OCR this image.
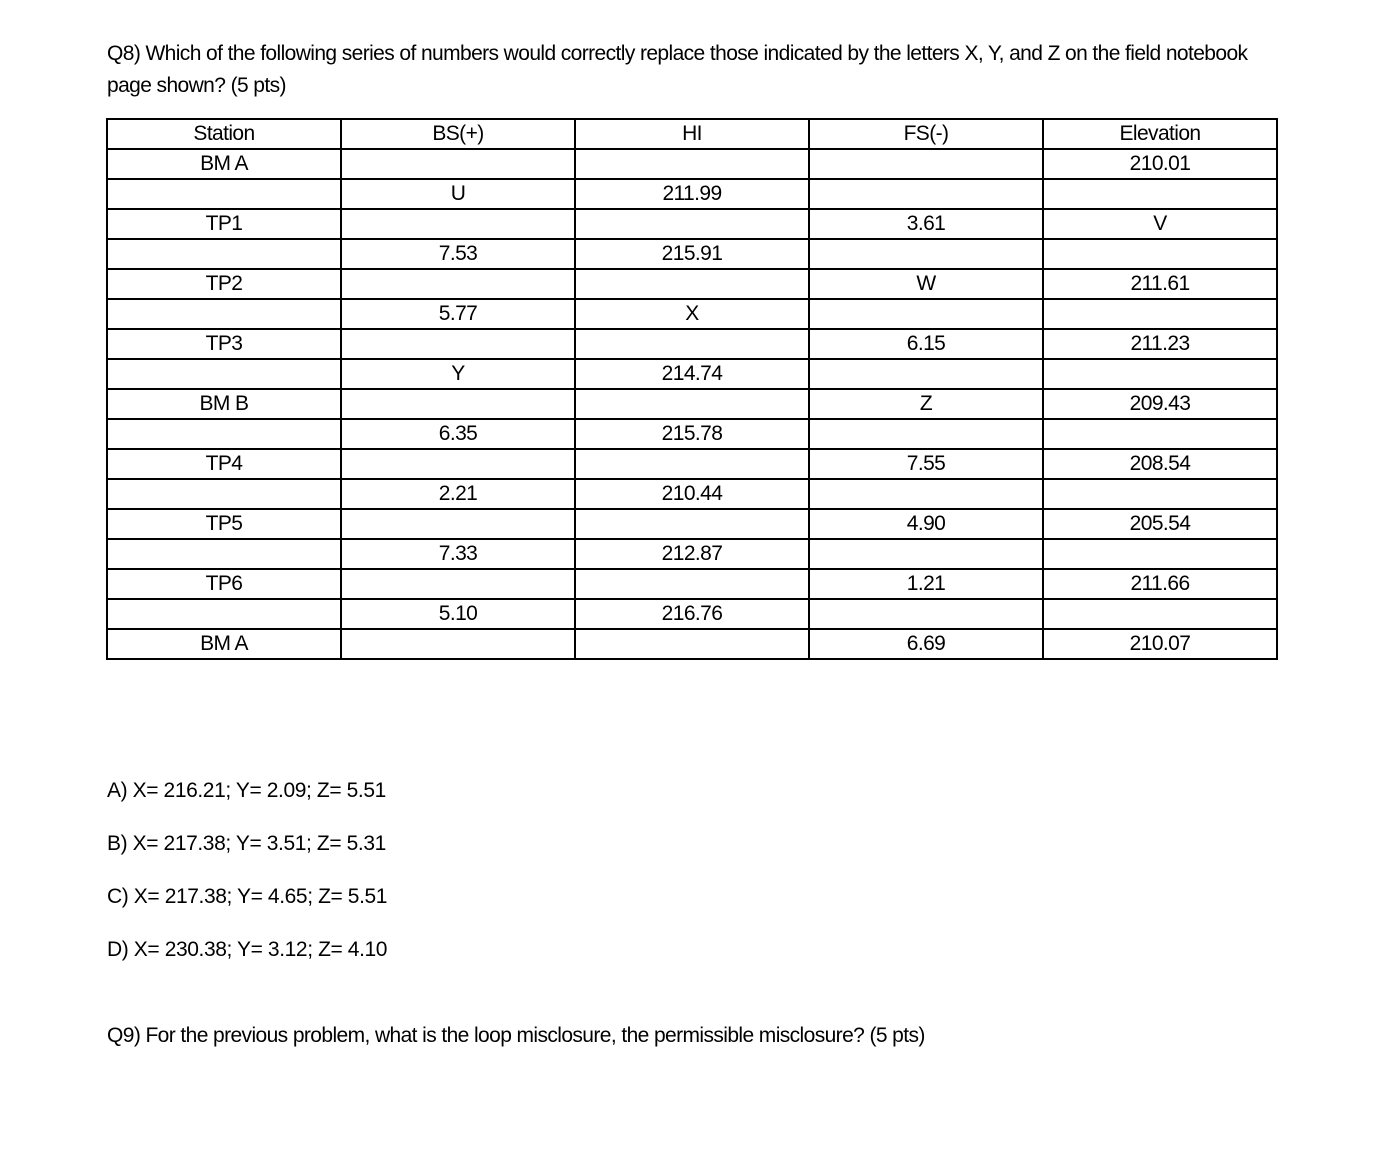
Q8) Which of the following series of numbers would correctly replace those indicated by the letters X, Y, and Z on the field notebook page shown? (5 pts)

Station	BS(+)	HI	FS(-)	Elevation
BM A				210.01
	U	211.99		
TP1			3.61	V
	7.53	215.91		
TP2			W	211.61
	5.77	X		
TP3			6.15	211.23
	Y	214.74		
BM B			Z	209.43
	6.35	215.78		
TP4			7.55	208.54
	2.21	210.44		
TP5			4.90	205.54
	7.33	212.87		
TP6			1.21	211.66
	5.10	216.76		
BM A			6.69	210.07
A) X= 216.21; Y= 2.09; Z= 5.51
B) X= 217.38; Y= 3.51; Z= 5.31
C) X= 217.38; Y= 4.65; Z= 5.51
D) X= 230.38; Y= 3.12; Z= 4.10

Q9) For the previous problem, what is the loop misclosure, the permissible misclosure? (5 pts)
